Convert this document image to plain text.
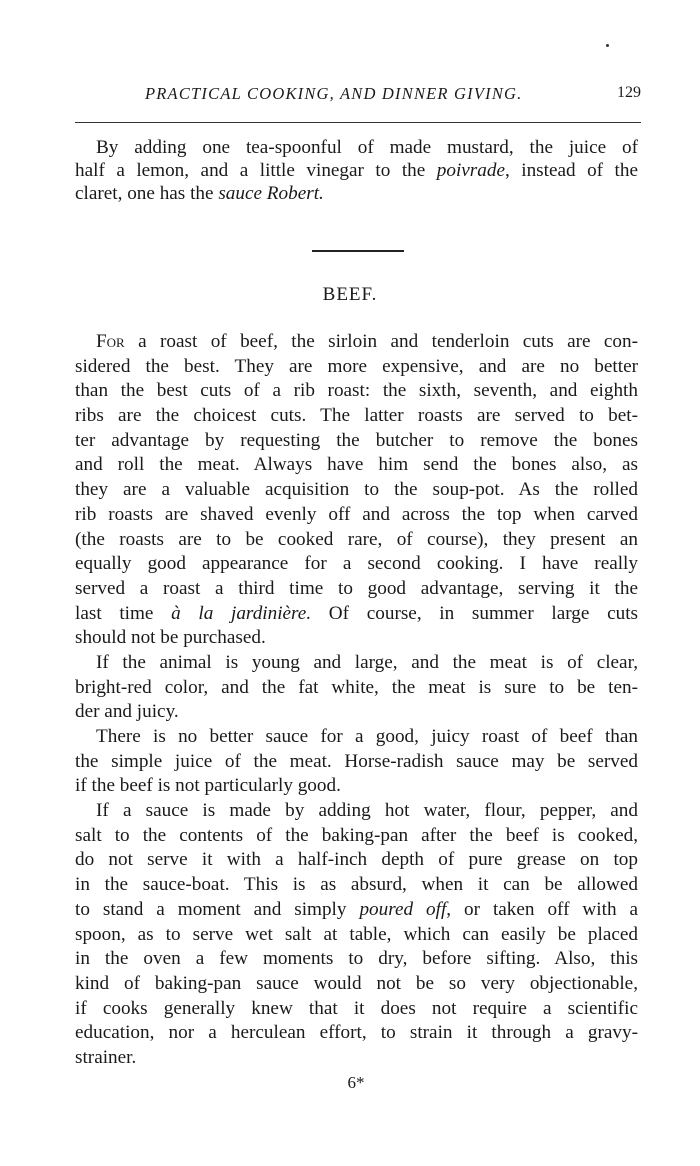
PRACTICAL COOKING, AND DINNER GIVING.	129
By adding one tea-spoonful of made mustard, the juice of
half a lemon, and a little vinegar to the poivrade, instead of the
claret, one has the sauce Robert.
BEEF.
For a roast of beef, the sirloin and tenderloin cuts are con-
sidered the best. They are more expensive, and are no better
than the best cuts of a rib roast: the sixth, seventh, and eighth
ribs are the choicest cuts. The latter roasts are served to bet-
ter advantage by requesting the butcher to remove the bones
and roll the meat. Always have him send the bones also, as
they are a valuable acquisition to the soup-pot. As the rolled
rib roasts are shaved evenly off and across the top when carved
(the roasts are to be cooked rare, of course), they present an
equally good appearance for a second cooking. I have really
served a roast a third time to good advantage, serving it the
last time à la jardinière. Of course, in summer large cuts
should not be purchased.
If the animal is young and large, and the meat is of clear,
bright-red color, and the fat white, the meat is sure to be ten-
der and juicy.
There is no better sauce for a good, juicy roast of beef than
the simple juice of the meat. Horse-radish sauce may be served
if the beef is not particularly good.
If a sauce is made by adding hot water, flour, pepper, and
salt to the contents of the baking-pan after the beef is cooked,
do not serve it with a half-inch depth of pure grease on top
in the sauce-boat. This is as absurd, when it can be allowed
to stand a moment and simply poured off, or taken off with a
spoon, as to serve wet salt at table, which can easily be placed
in the oven a few moments to dry, before sifting. Also, this
kind of baking-pan sauce would not be so very objectionable,
if cooks generally knew that it does not require a scientific
education, nor a herculean effort, to strain it through a gravy-
strainer.
6*
